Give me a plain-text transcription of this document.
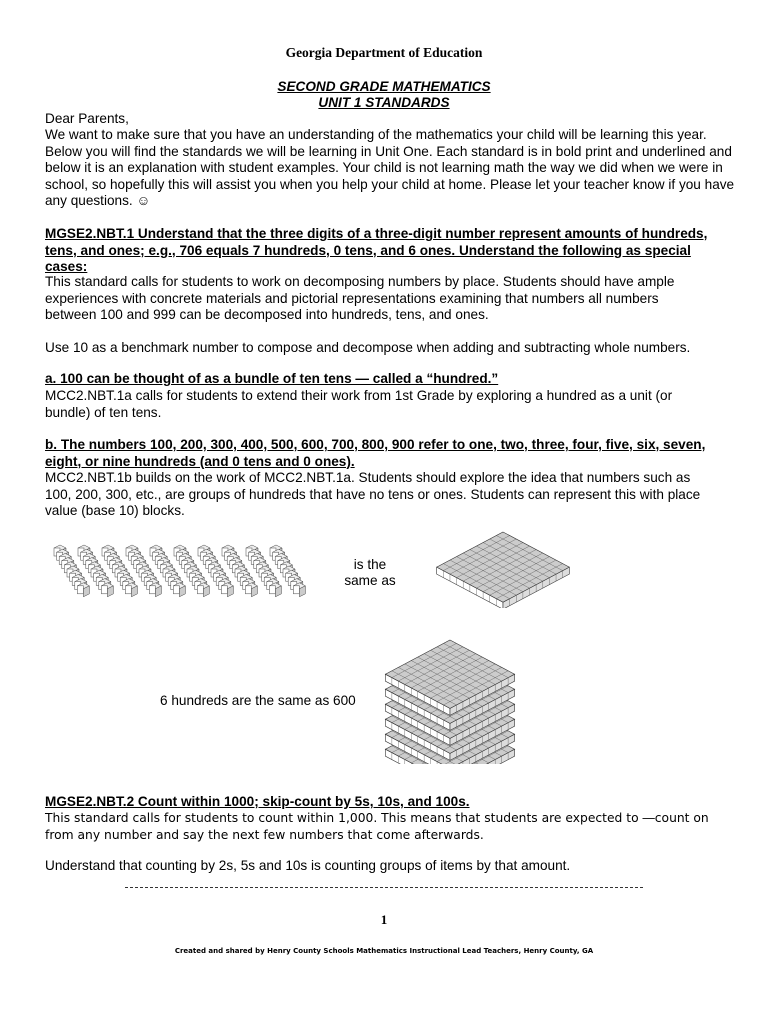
Georgia Department of Education
SECOND GRADE MATHEMATICS
UNIT 1 STANDARDS
Dear Parents,
We want to make sure that you have an understanding of the mathematics your child will be learning this year. Below you will find the standards we will be learning in Unit One. Each standard is in bold print and underlined and below it is an explanation with student examples. Your child is not learning math the way we did when we were in school, so hopefully this will assist you when you help your child at home. Please let your teacher know if you have any questions. ☺
MGSE2.NBT.1 Understand that the three digits of a three-digit number represent amounts of hundreds, tens, and ones; e.g., 706 equals 7 hundreds, 0 tens, and 6 ones. Understand the following as special cases:
This standard calls for students to work on decomposing numbers by place. Students should have ample experiences with concrete materials and pictorial representations examining that numbers all numbers between 100 and 999 can be decomposed into hundreds, tens, and ones.
Use 10 as a benchmark number to compose and decompose when adding and subtracting whole numbers.
a. 100 can be thought of as a bundle of ten tens — called a “hundred.”
MCC2.NBT.1a calls for students to extend their work from 1st Grade by exploring a hundred as a unit (or bundle) of ten tens.
b. The numbers 100, 200, 300, 400, 500, 600, 700, 800, 900 refer to one, two, three, four, five, six, seven, eight, or nine hundreds (and 0 tens and 0 ones).
MCC2.NBT.1b builds on the work of MCC2.NBT.1a. Students should explore the idea that numbers such as 100, 200, 300, etc., are groups of hundreds that have no tens or ones. Students can represent this with place value (base 10) blocks.
is the
same as
6 hundreds are the same as 600
MGSE2.NBT.2 Count within 1000; skip-count by 5s, 10s, and 100s.
This standard calls for students to count within 1,000. This means that students are expected to ―count on from any number and say the next few numbers that come afterwards.
Understand that counting by 2s, 5s and 10s is counting groups of items by that amount.
1
Created and shared by Henry County Schools Mathematics Instructional Lead Teachers, Henry County, GA
